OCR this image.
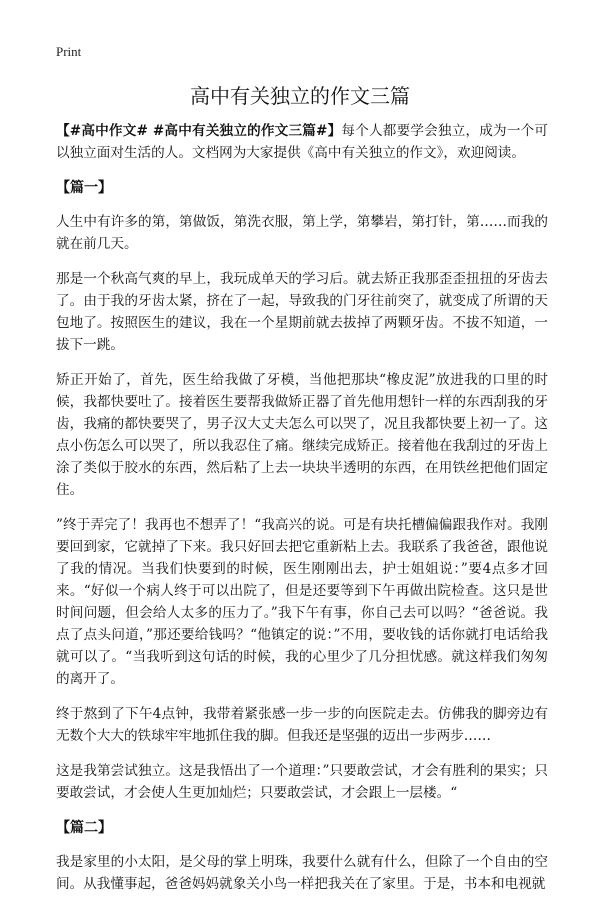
Print
高中有关独立的作文三篇

【#高中作文# #高中有关独立的作文三篇#】每个人都要学会独立，成为一个可以独立面对生活的人。文档网为大家提供《高中有关独立的作文》，欢迎阅读。

【篇一】

人生中有许多的第，第做饭，第洗衣服，第上学，第攀岩，第打针，第……而我的就在前几天。

那是一个秋高气爽的早上，我玩成单天的学习后。就去矫正我那歪歪扭扭的牙齿去了。由于我的牙齿太紧，挤在了一起，导致我的门牙往前突了，就变成了所谓的天包地了。按照医生的建议，我在一个星期前就去拔掉了两颗牙齿。不拔不知道，一拔下一跳。

矫正开始了，首先，医生给我做了牙模，当他把那块“橡皮泥”放进我的口里的时候，我都快要吐了。接着医生要帮我做矫正器了首先他用想针一样的东西刮我的牙齿，我痛的都快要哭了，男子汉大丈夫怎么可以哭了，况且我都快要上初一了。这点小伤怎么可以哭了，所以我忍住了痛。继续完成矫正。接着他在我刮过的牙齿上涂了类似于胶水的东西，然后粘了上去一块块半透明的东西，在用铁丝把他们固定住。

”终于弄完了！我再也不想弄了！“我高兴的说。可是有块托槽偏偏跟我作对。我刚要回到家，它就掉了下来。我只好回去把它重新粘上去。我联系了我爸爸，跟他说了我的情况。当我们快要到的时候，医生刚刚出去，护士姐姐说：”要4点多才回来。“好似一个病人终于可以出院了，但是还要等到下午再做出院检查。这只是世时间问题，但会给人太多的压力了。”我下午有事，你自己去可以吗？“爸爸说。我点了点头问道，”那还要给钱吗？“他镇定的说：”不用，要收钱的话你就打电话给我就可以了。“当我听到这句话的时候，我的心里少了几分担忧感。就这样我们匆匆的离开了。

终于熬到了下午4点钟，我带着紧张感一步一步的向医院走去。仿佛我的脚旁边有无数个大大的铁球牢牢地抓住我的脚。但我还是坚强的迈出一步两步……

这是我第尝试独立。这是我悟出了一个道理：”只要敢尝试，才会有胜利的果实；只要敢尝试，才会使人生更加灿烂；只要敢尝试，才会跟上一层楼。“

【篇二】

我是家里的小太阳，是父母的掌上明珠，我要什么就有什么，但除了一个自由的空间。从我懂事起，爸爸妈妈就象关小鸟一样把我关在了家里。于是，书本和电视就
